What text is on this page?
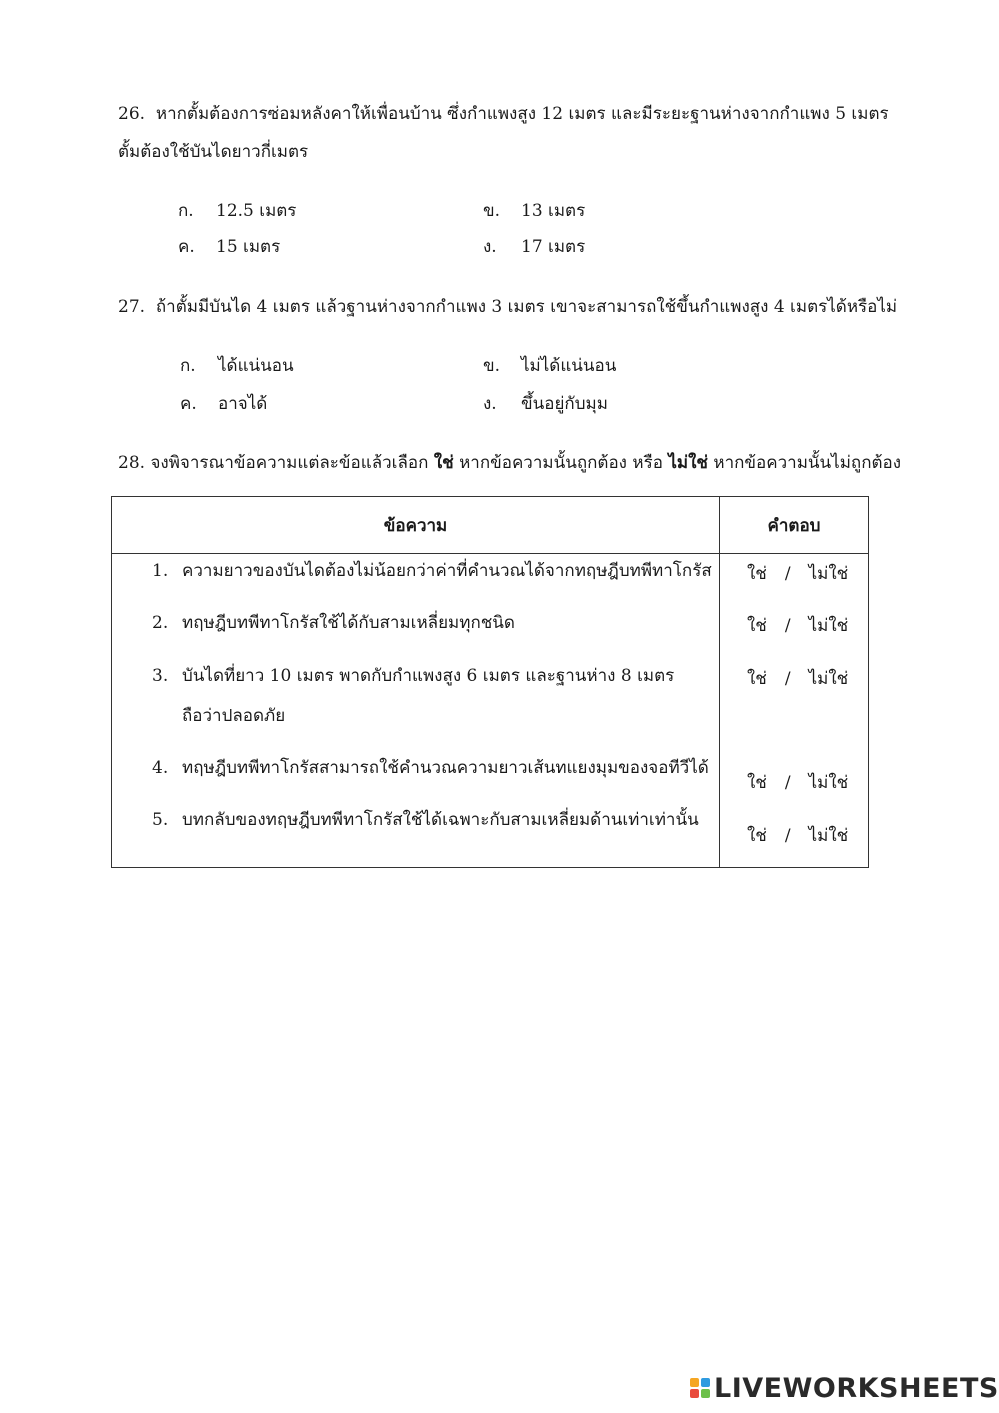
26. หากตั้มต้องการซ่อมหลังคาให้เพื่อนบ้าน ซึ่งกำแพงสูง 12 เมตร และมีระยะฐานห่างจากกำแพง 5 เมตร
ตั้มต้องใช้บันไดยาวกี่เมตร
ก. 12.5 เมตร	ข. 13 เมตร
ค. 15 เมตร	ง. 17 เมตร
27. ถ้าตั้มมีบันได 4 เมตร แล้วฐานห่างจากกำแพง 3 เมตร เขาจะสามารถใช้ขึ้นกำแพงสูง 4 เมตรได้หรือไม่
ก. ได้แน่นอน	ข. ไม่ได้แน่นอน
ค. อาจได้	ง. ขึ้นอยู่กับมุม
28. จงพิจารณาข้อความแต่ละข้อแล้วเลือก ใช่ หากข้อความนั้นถูกต้อง หรือ ไม่ใช่ หากข้อความนั้นไม่ถูกต้อง
ข้อความ	คำตอบ

1. ความยาวของบันไดต้องไม่น้อยกว่าค่าที่คำนวณได้จากทฤษฎีบทพีทาโกรัส ใช่ / ไม่ใช่
2. ทฤษฎีบทพีทาโกรัสใช้ได้กับสามเหลี่ยมทุกชนิด	ใช่ / ไม่ใช่
3. บันไดที่ยาว 10 เมตร พาดกับกำแพงสูง 6 เมตร และฐานห่าง 8 เมตร ถือว่าปลอดภัย
ใช่ / ไม่ใช่
4. ทฤษฎีบทพีทาโกรัสสามารถใช้คำนวณความยาวเส้นทแยงมุมของจอทีวีได้
ใช่ / ไม่ใช่
5. บทกลับของทฤษฎีบทพีทาโกรัสใช้ได้เฉพาะกับสามเหลี่ยมด้านเท่าเท่านั้น
ใช่ / ไม่ใช่
LIVEWORKSHEETS
